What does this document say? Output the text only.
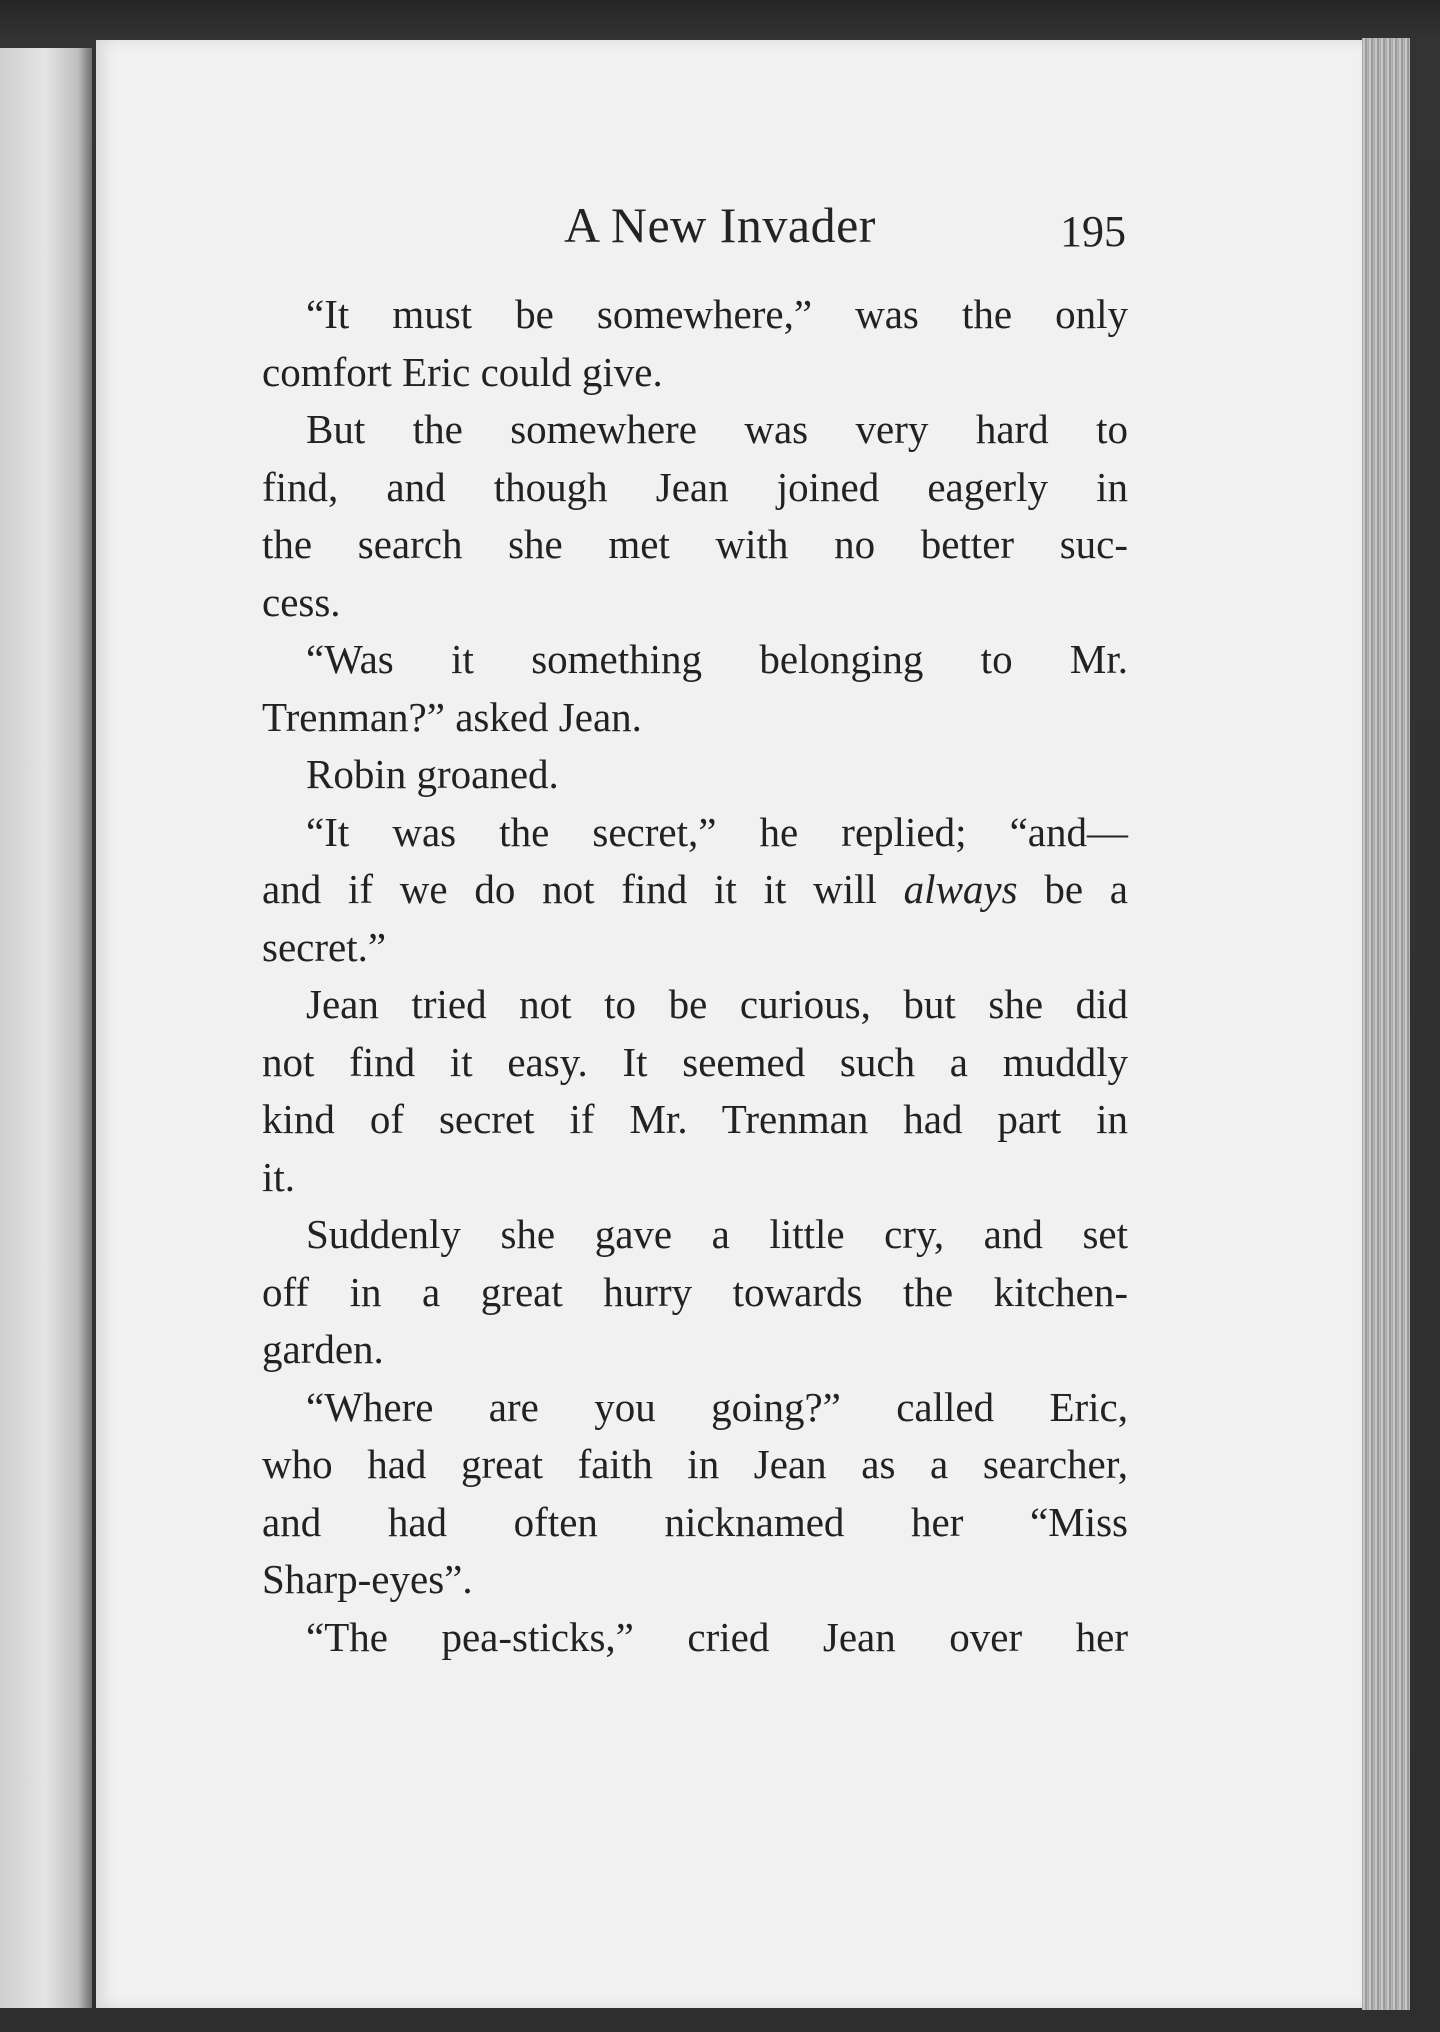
A New Invader	195

“It must be somewhere,” was the only
comfort Eric could give.

But the somewhere was very hard to
find, and though Jean joined eagerly in
the search she met with no better suc-
cess.

“Was it something belonging to Mr.
Trenman?” asked Jean.

Robin groaned.

“It was the secret,” he replied; “and—
and if we do not find it it will always be a
secret.”

Jean tried not to be curious, but she did
not find it easy. It seemed such a muddly
kind of secret if Mr. Trenman had part in
it.

Suddenly she gave a little cry, and set
off in a great hurry towards the kitchen-
garden.

“Where are you going?” called Eric,
who had great faith in Jean as a searcher,
and had often nicknamed her “Miss
Sharp-eyes”.

“The pea-sticks,” cried Jean over her
